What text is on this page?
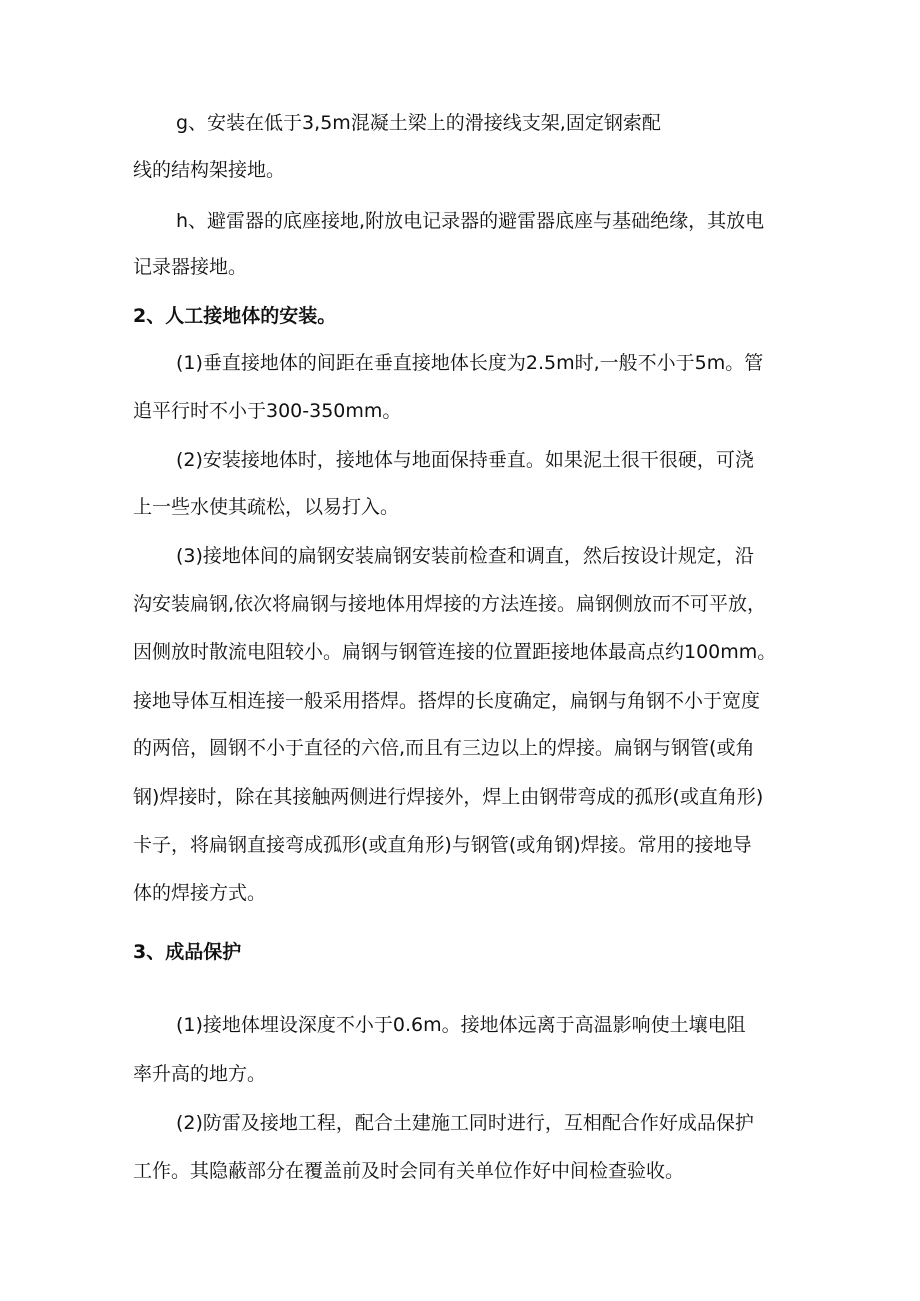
g、安装在低于3,5m混凝土梁上的滑接线支架,固定钢索配
线的结构架接地。
h、避雷器的底座接地,附放电记录器的避雷器底座与基础绝缘，其放电
记录器接地。
2、人工接地体的安装。
(1)垂直接地体的间距在垂直接地体长度为2.5m时,一般不小于5m。管
追平行时不小于300-350mm。
(2)安装接地体时，接地体与地面保持垂直。如果泥土很干很硬，可浇
上一些水使其疏松，以易打入。
(3)接地体间的扁钢安装扁钢安装前检查和调直，然后按设计规定，沿
沟安装扁钢,依次将扁钢与接地体用焊接的方法连接。扁钢侧放而不可平放，
因侧放时散流电阻较小。扁钢与钢管连接的位置距接地体最高点约100mm。
接地导体互相连接一般采用搭焊。搭焊的长度确定，扁钢与角钢不小于宽度
的两倍，圆钢不小于直径的六倍,而且有三边以上的焊接。扁钢与钢管(或角
钢)焊接时，除在其接触两侧进行焊接外，焊上由钢带弯成的孤形(或直角形)
卡子，将扁钢直接弯成孤形(或直角形)与钢管(或角钢)焊接。常用的接地导
体的焊接方式。
3、成品保护
(1)接地体埋设深度不小于0.6m。接地体远离于高温影响使土壤电阻
率升高的地方。
(2)防雷及接地工程，配合土建施工同时进行，互相配合作好成品保护
工作。其隐蔽部分在覆盖前及时会同有关单位作好中间检查验收。
